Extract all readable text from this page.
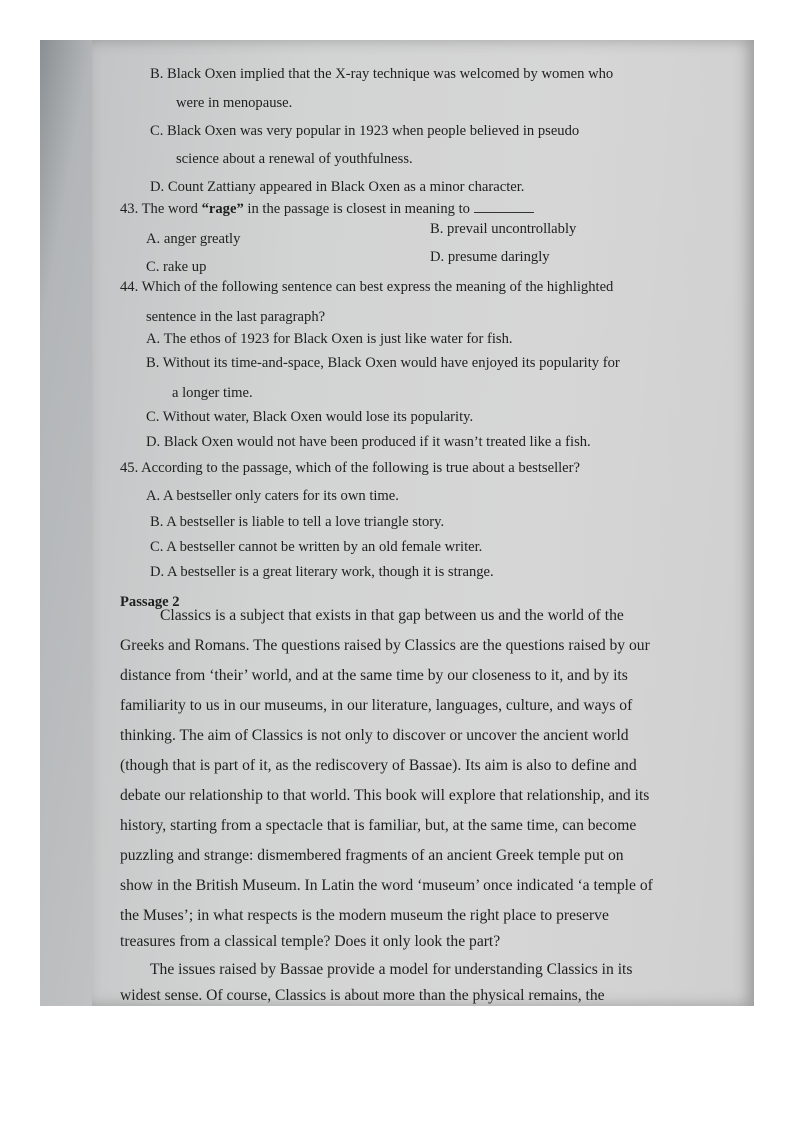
B. Black Oxen implied that the X-ray technique was welcomed by women who
were in menopause.
C. Black Oxen was very popular in 1923 when people believed in pseudo
science about a renewal of youthfulness.
D. Count Zattiany appeared in Black Oxen as a minor character.
43. The word “rage” in the passage is closest in meaning to
A. anger greatly
B. prevail uncontrollably
C. rake up
D. presume daringly
44. Which of the following sentence can best express the meaning of the highlighted
sentence in the last paragraph?
A. The ethos of 1923 for Black Oxen is just like water for fish.
B. Without its time-and-space, Black Oxen would have enjoyed its popularity for
a longer time.
C. Without water, Black Oxen would lose its popularity.
D. Black Oxen would not have been produced if it wasn’t treated like a fish.
45. According to the passage, which of the following is true about a bestseller?
A. A bestseller only caters for its own time.
B. A bestseller is liable to tell a love triangle story.
C. A bestseller cannot be written by an old female writer.
D. A bestseller is a great literary work, though it is strange.
Passage 2
Classics is a subject that exists in that gap between us and the world of the
Greeks and Romans. The questions raised by Classics are the questions raised by our
distance from ‘their’ world, and at the same time by our closeness to it, and by its
familiarity to us in our museums, in our literature, languages, culture, and ways of
thinking. The aim of Classics is not only to discover or uncover the ancient world
(though that is part of it, as the rediscovery of Bassae). Its aim is also to define and
debate our relationship to that world. This book will explore that relationship, and its
history, starting from a spectacle that is familiar, but, at the same time, can become
puzzling and strange: dismembered fragments of an ancient Greek temple put on
show in the British Museum. In Latin the word ‘museum’ once indicated ‘a temple of
the Muses’; in what respects is the modern museum the right place to preserve
treasures from a classical temple? Does it only look the part?
The issues raised by Bassae provide a model for understanding Classics in its
widest sense. Of course, Classics is about more than the physical remains, the
